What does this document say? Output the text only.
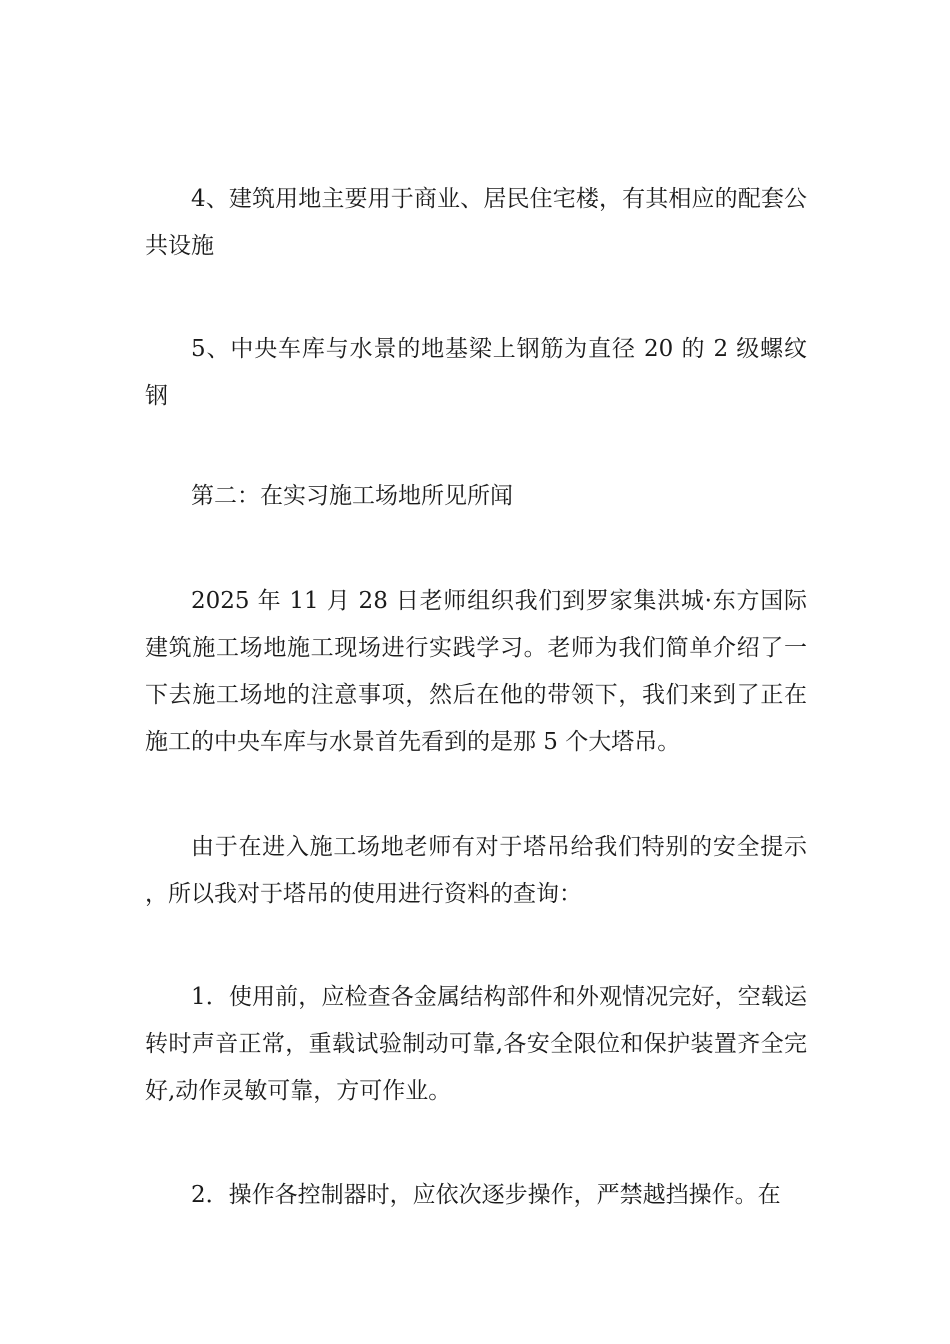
4、建筑用地主要用于商业、居民住宅楼，有其相应的配套公共设施

5、中央车库与水景的地基梁上钢筋为直径 20 的 2 级螺纹钢

第二：在实习施工场地所见所闻

2025 年 11 月 28 日老师组织我们到罗家集洪城·东方国际建筑施工场地施工现场进行实践学习。老师为我们简单介绍了一下去施工场地的注意事项，然后在他的带领下，我们来到了正在施工的中央车库与水景首先看到的是那 5 个大塔吊。

由于在进入施工场地老师有对于塔吊给我们特别的安全提示，所以我对于塔吊的使用进行资料的查询：

1．使用前，应检查各金属结构部件和外观情况完好，空载运转时声音正常，重载试验制动可靠,各安全限位和保护装置齐全完好,动作灵敏可靠，方可作业。

2．操作各控制器时，应依次逐步操作，严禁越挡操作。在
